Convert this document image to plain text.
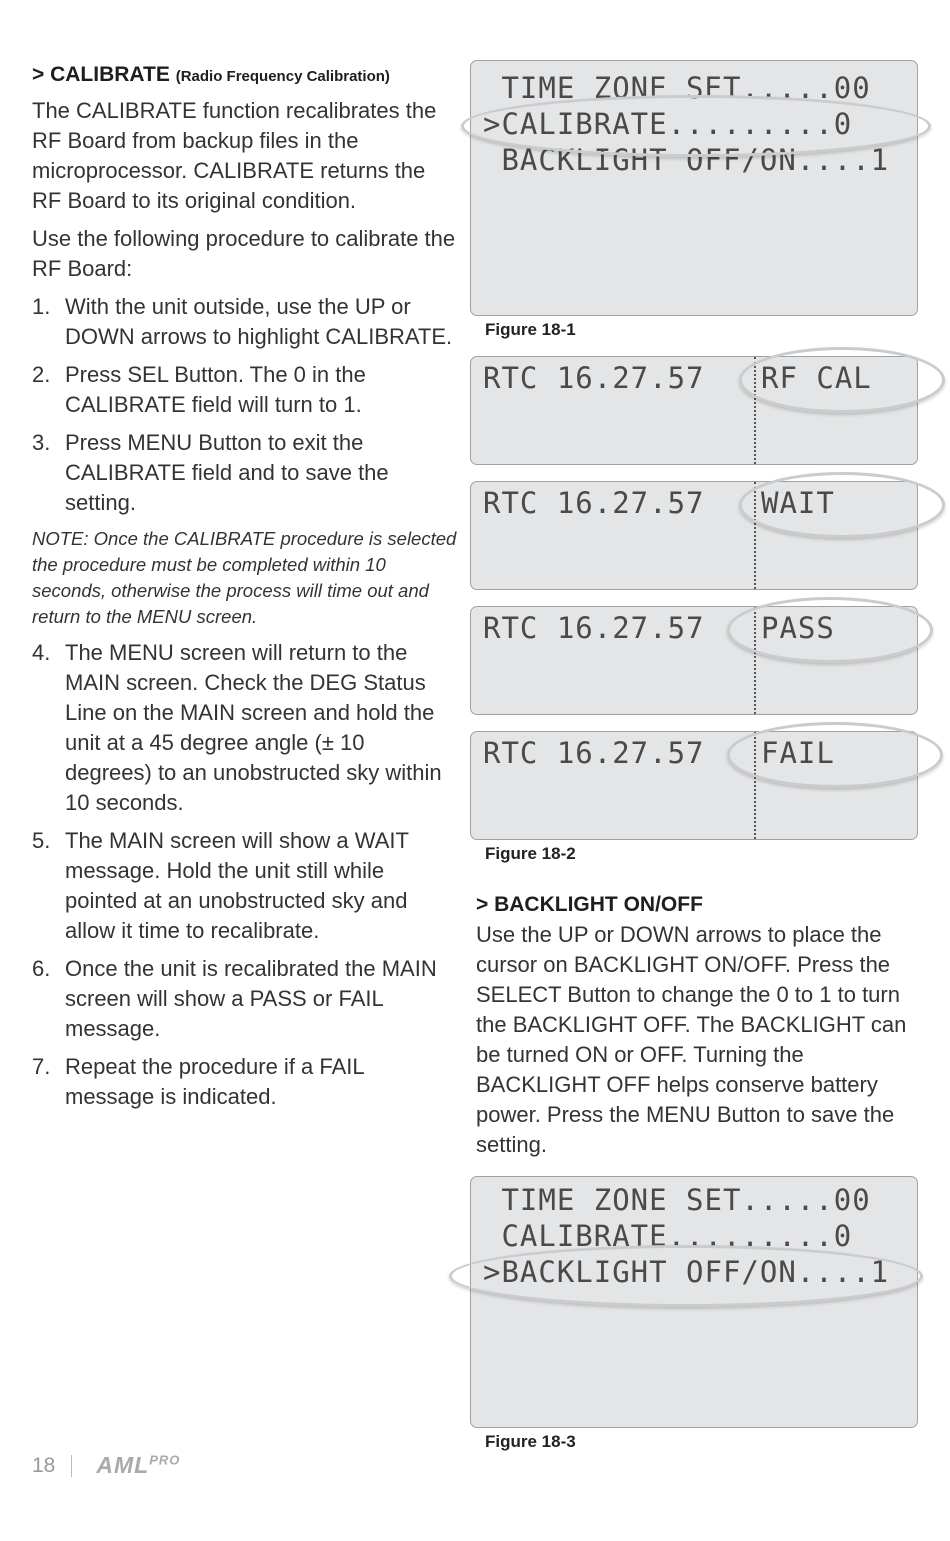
> CALIBRATE (Radio Frequency Calibration)

The CALIBRATE function recalibrates the RF Board from backup files in the microprocessor. CALIBRATE returns the RF Board to its original condition.

Use the following procedure to calibrate the RF Board:

1. With the unit outside, use the UP or DOWN arrows to highlight CALIBRATE.
2. Press SEL Button. The 0 in the CALIBRATE field will turn to 1.
3. Press MENU Button to exit the CALIBRATE field and to save the setting.

NOTE: Once the CALIBRATE procedure is selected the procedure must be completed within 10 seconds, otherwise the process will time out and return to the MENU screen.

4. The MENU screen will return to the MAIN screen. Check the DEG Status Line on the MAIN screen and hold the unit at a 45 degree angle (± 10 degrees) to an unobstructed sky within 10 seconds.
5. The MAIN screen will show a WAIT message. Hold the unit still while pointed at an unobstructed sky and allow it time to recalibrate.
6. Once the unit is recalibrated the MAIN screen will show a PASS or FAIL message.
7. Repeat the procedure if a FAIL message is indicated.
TIME ZONE SET.....00
>CALIBRATE.........0
BACKLIGHT OFF/ON....1
Figure 18-1
RTC 16.27.57 RF CAL
RTC 16.27.57 WAIT
RTC 16.27.57 PASS
RTC 16.27.57 FAIL
Figure 18-2
> BACKLIGHT ON/OFF

Use the UP or DOWN arrows to place the cursor on BACKLIGHT ON/OFF. Press the SELECT Button to change the 0 to 1 to turn the BACKLIGHT OFF. The BACKLIGHT can be turned ON or OFF. Turning the BACKLIGHT OFF helps conserve battery power. Press the MENU Button to save the setting.

TIME ZONE SET.....00
CALIBRATE.........0
>BACKLIGHT OFF/ON....1
Figure 18-3
18 $AML^{PRO}$
